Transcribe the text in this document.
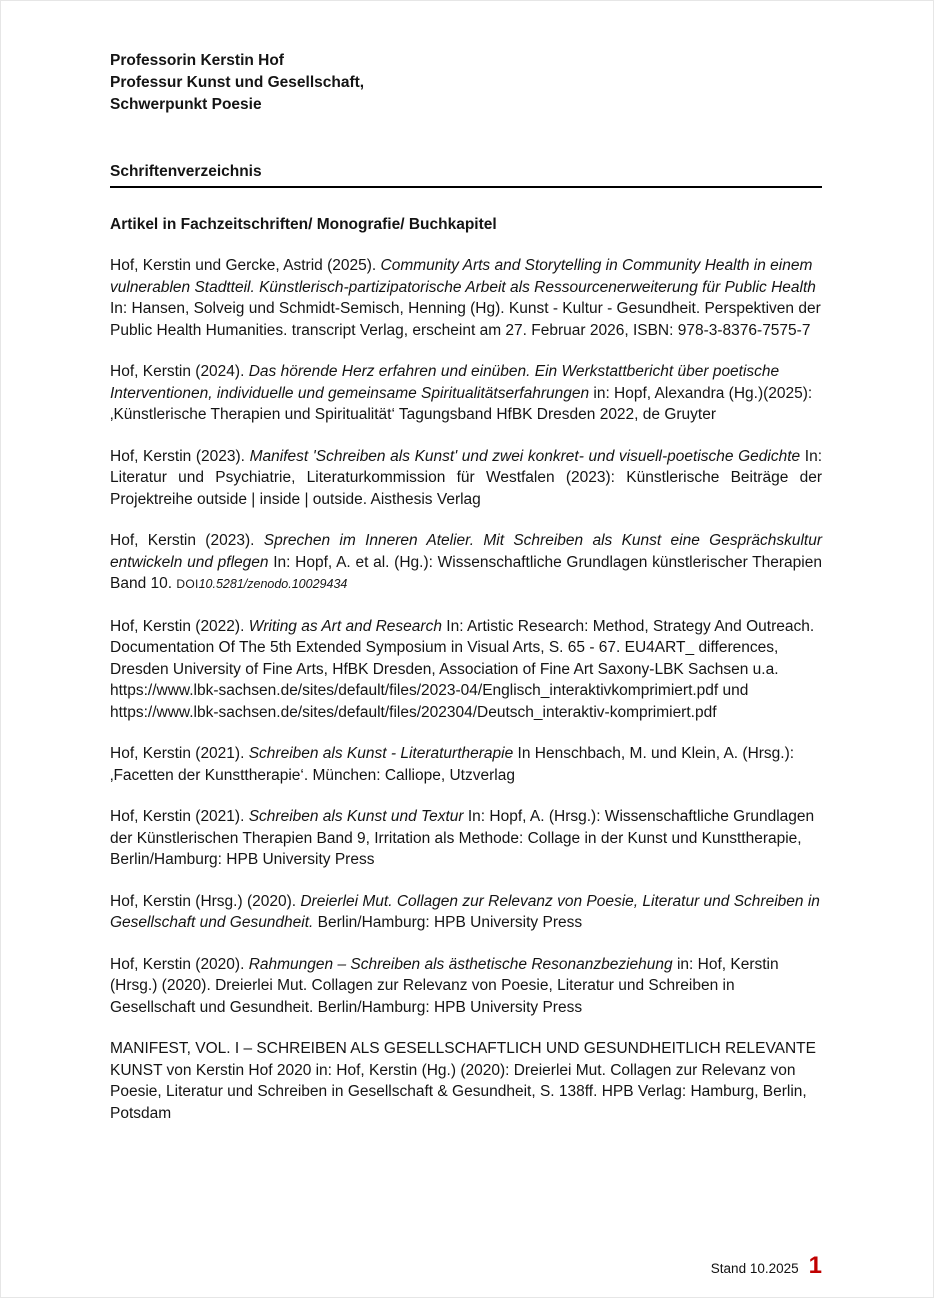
Professorin Kerstin Hof
Professur Kunst und Gesellschaft,
Schwerpunkt Poesie
Schriftenverzeichnis
Artikel in Fachzeitschriften/ Monografie/ Buchkapitel

Hof, Kerstin und Gercke, Astrid (2025). Community Arts and Storytelling in Community Health in einem vulnerablen Stadtteil. Künstlerisch-partizipatorische Arbeit als Ressourcenerweiterung für Public Health In: Hansen, Solveig und Schmidt-Semisch, Henning (Hg). Kunst - Kultur - Gesundheit. Perspektiven der Public Health Humanities. transcript Verlag, erscheint am 27. Februar 2026, ISBN: 978-3-8376-7575-7

Hof, Kerstin (2024). Das hörende Herz erfahren und einüben. Ein Werkstattbericht über poetische Interventionen, individuelle und gemeinsame Spiritualitätserfahrungen in: Hopf, Alexandra (Hg.)(2025): ‚Künstlerische Therapien und Spiritualität‘ Tagungsband HfBK Dresden 2022, de Gruyter

Hof, Kerstin (2023). Manifest 'Schreiben als Kunst' und zwei konkret- und visuell-poetische Gedichte In: Literatur und Psychiatrie, Literaturkommission für Westfalen (2023): Künstlerische Beiträge der Projektreihe outside | inside | outside. Aisthesis Verlag

Hof, Kerstin (2023). Sprechen im Inneren Atelier. Mit Schreiben als Kunst eine Gesprächskultur entwickeln und pflegen In: Hopf, A. et al. (Hg.): Wissenschaftliche Grundlagen künstlerischer Therapien Band 10. DOI10.5281/zenodo.10029434

Hof, Kerstin (2022). Writing as Art and Research In: Artistic Research: Method, Strategy And Outreach. Documentation Of The 5th Extended Symposium in Visual Arts, S. 65 - 67. EU4ART_ differences, Dresden University of Fine Arts, HfBK Dresden, Association of Fine Art Saxony-LBK Sachsen u.a. https://www.lbk-sachsen.de/sites/default/files/2023-04/Englisch_interaktivkomprimiert.pdf und https://www.lbk-sachsen.de/sites/default/files/202304/Deutsch_interaktiv-komprimiert.pdf

Hof, Kerstin (2021). Schreiben als Kunst - Literaturtherapie In Henschbach, M. und Klein, A. (Hrsg.): ‚Facetten der Kunsttherapie‘. München: Calliope, Utzverlag

Hof, Kerstin (2021). Schreiben als Kunst und Textur In: Hopf, A. (Hrsg.): Wissenschaftliche Grundlagen der Künstlerischen Therapien Band 9, Irritation als Methode: Collage in der Kunst und Kunsttherapie, Berlin/Hamburg: HPB University Press

Hof, Kerstin (Hrsg.) (2020). Dreierlei Mut. Collagen zur Relevanz von Poesie, Literatur und Schreiben in Gesellschaft und Gesundheit. Berlin/Hamburg: HPB University Press

Hof, Kerstin (2020). Rahmungen – Schreiben als ästhetische Resonanzbeziehung in: Hof, Kerstin (Hrsg.) (2020). Dreierlei Mut. Collagen zur Relevanz von Poesie, Literatur und Schreiben in Gesellschaft und Gesundheit. Berlin/Hamburg: HPB University Press

MANIFEST, VOL. I – SCHREIBEN ALS GESELLSCHAFTLICH UND GESUNDHEITLICH RELEVANTE KUNST von Kerstin Hof 2020 in: Hof, Kerstin (Hg.) (2020): Dreierlei Mut. Collagen zur Relevanz von Poesie, Literatur und Schreiben in Gesellschaft & Gesundheit, S. 138ff. HPB Verlag: Hamburg, Berlin, Potsdam

Stand 10.2025 1
